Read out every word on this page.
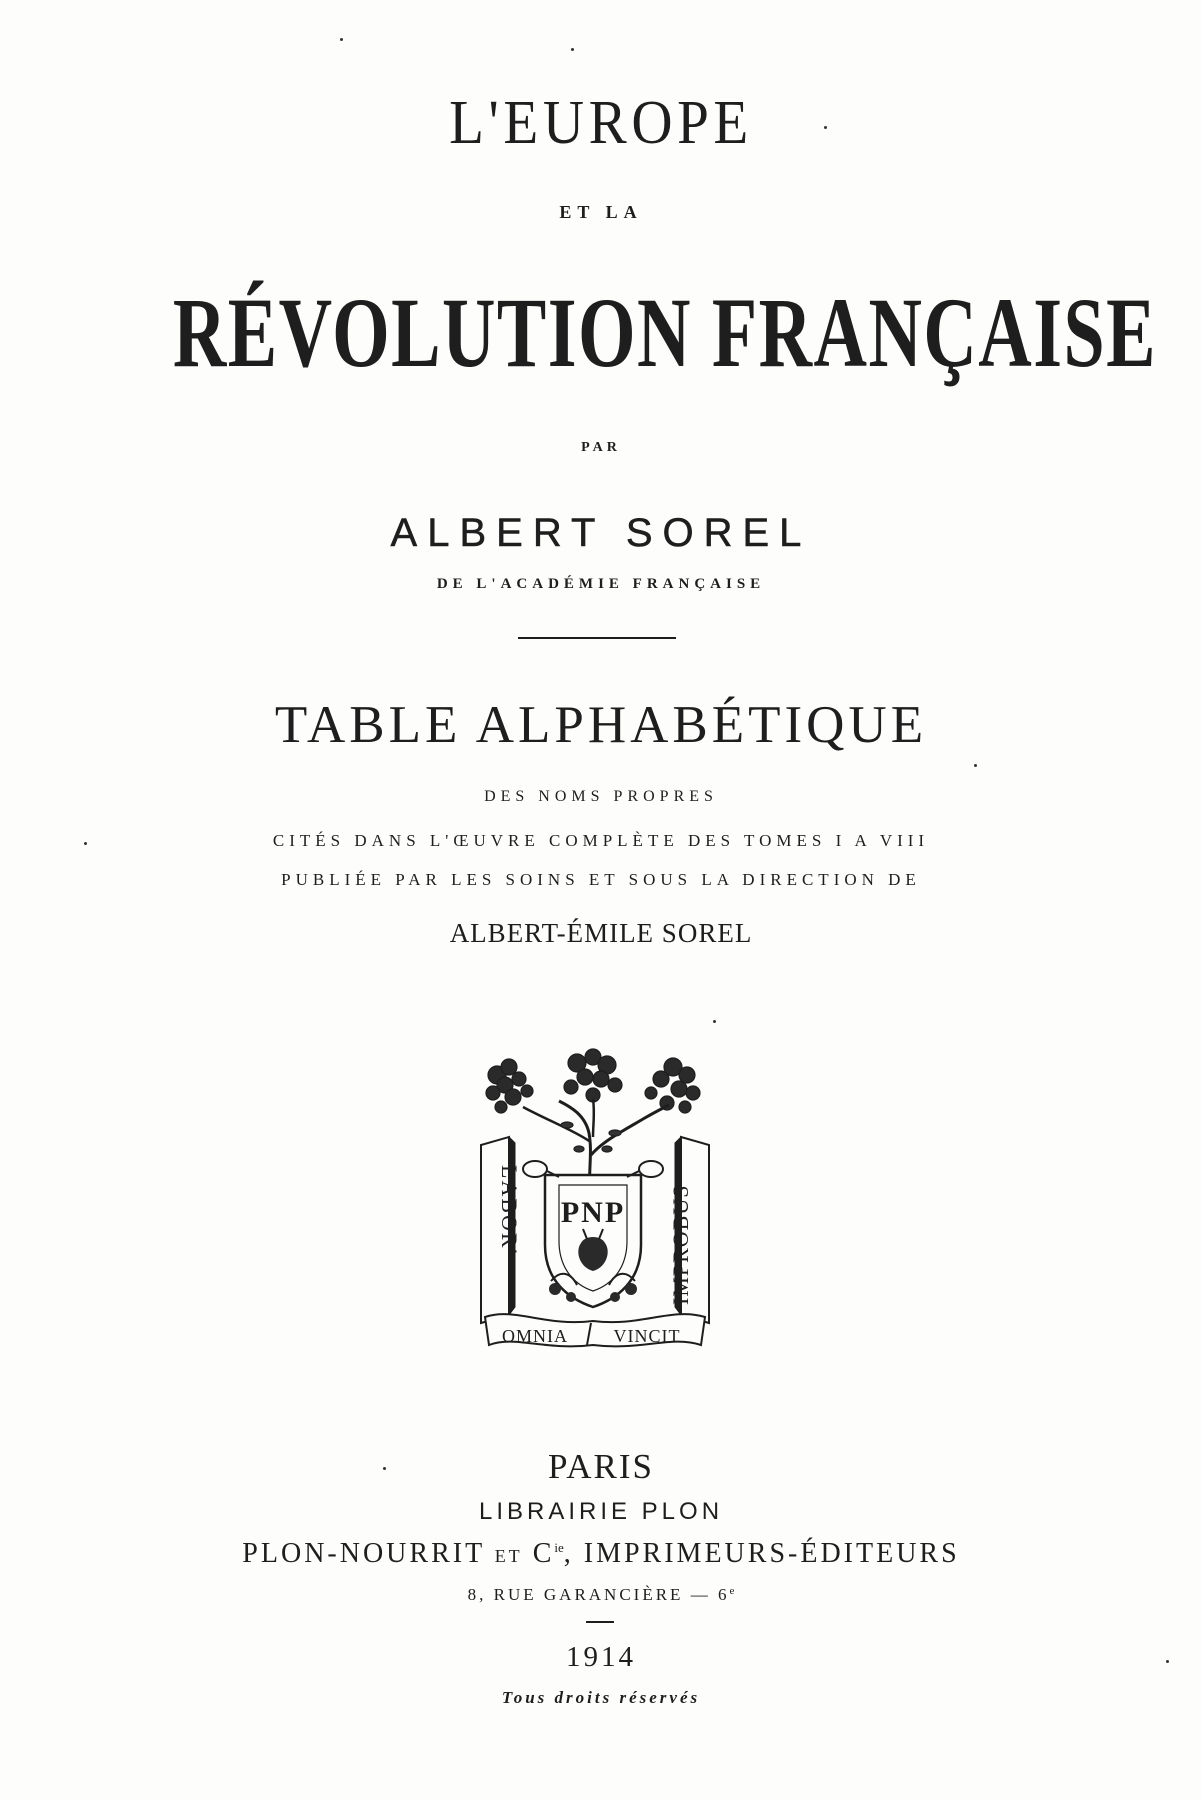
L'EUROPE
ET LA
RÉVOLUTION FRANÇAISE
PAR
ALBERT SOREL
DE L'ACADÉMIE FRANÇAISE
TABLE ALPHABÉTIQUE
DES NOMS PROPRES
CITÉS DANS L'ŒUVRE COMPLÈTE DES TOMES I A VIII
PUBLIÉE PAR LES SOINS ET SOUS LA DIRECTION DE
ALBERT-ÉMILE SOREL
LABOR'	IMPROBUS
PNP
OMNIA	VINCIT
PARIS
LIBRAIRIE PLON
PLON-NOURRIT ET $C^{ie}$, IMPRIMEURS-ÉDITEURS
8, RUE GARANCIÈRE — 6e
1914
Tous droits réservés
